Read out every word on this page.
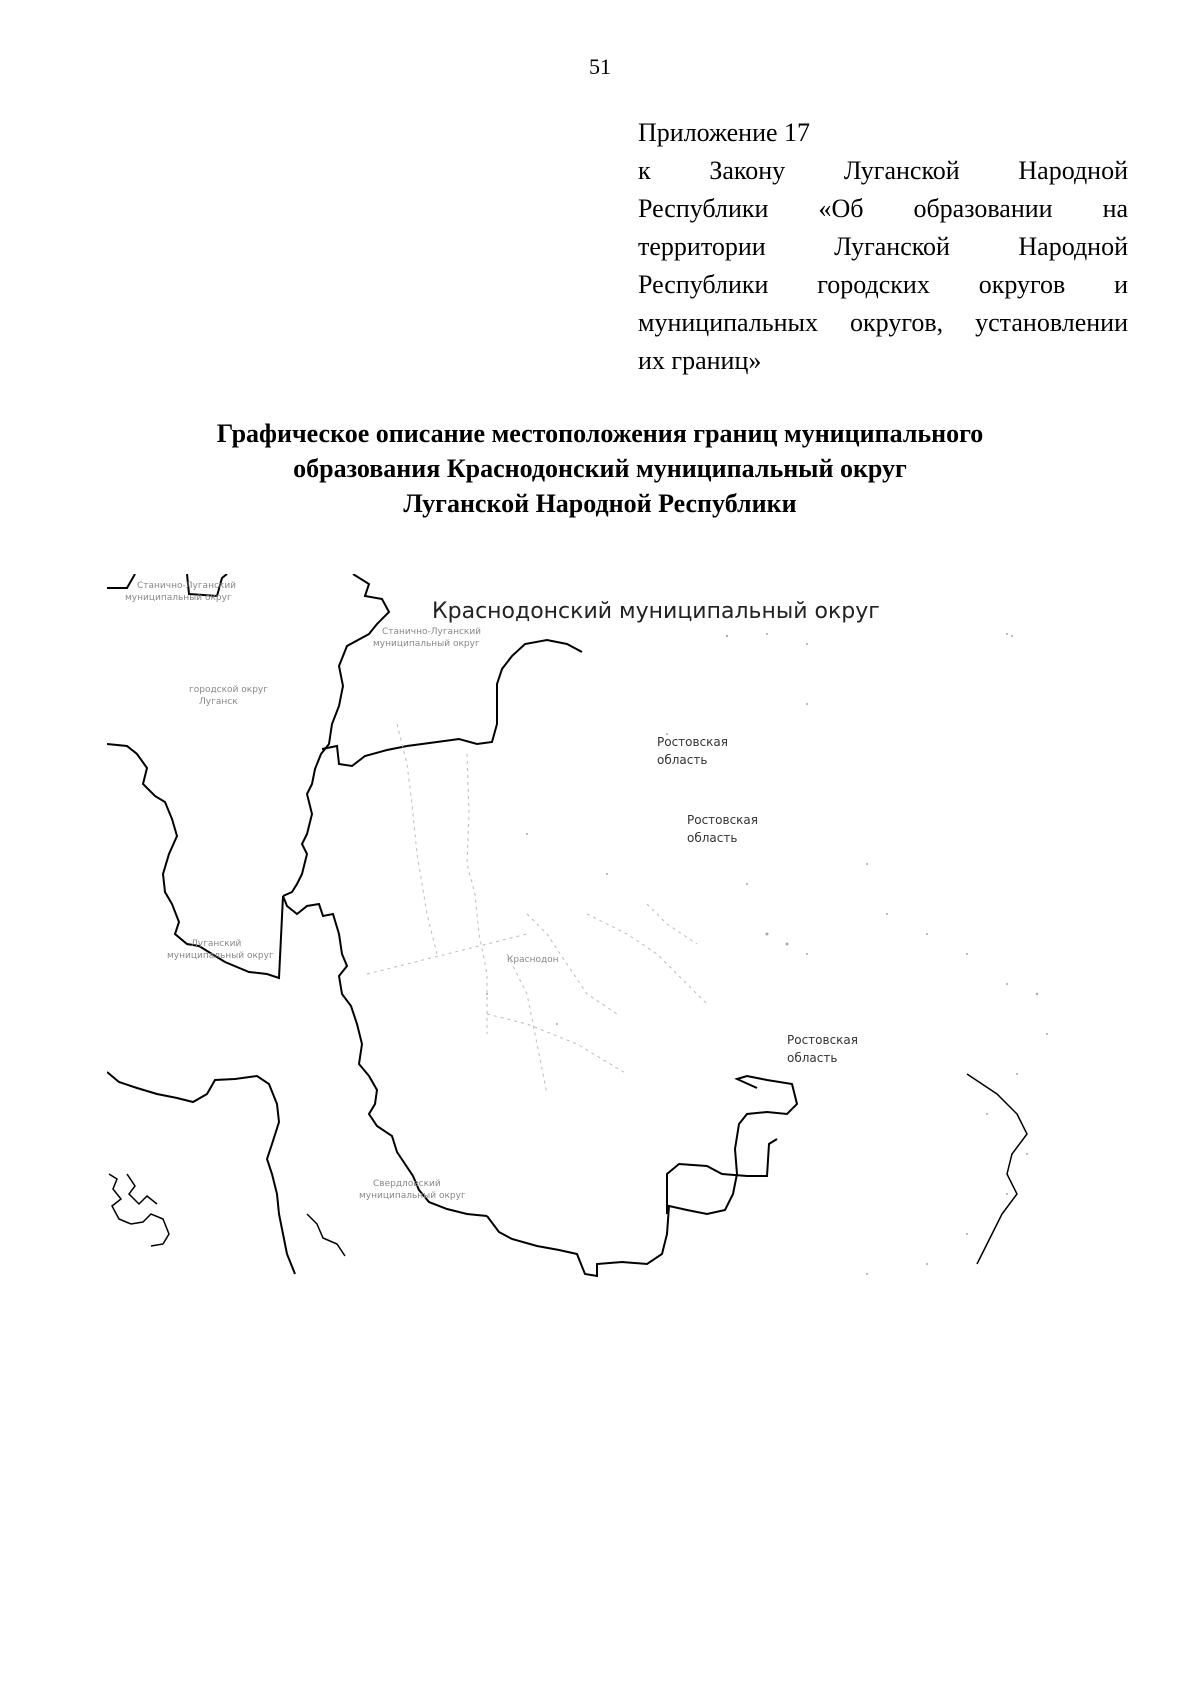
51
Приложение 17
к Закону Луганской Народной
Республики «Об образовании на
территории	Луганской	Народной
Республики городских округов и
муниципальных округов, установлении
их границ»
Графическое описание местоположения границ муниципального
образования Краснодонский муниципальный округ
Луганской Народной Республики
Краснодонский муниципальный округ
Станично-Луганский
муниципальный округ
Станично-Луганский
муниципальный округ
городской округ
Луганск
Луганский
муниципальный округ
Свердловский
муниципальный округ
Ростовская
область
Ростовская
область
Ростовская
область
Краснодон
